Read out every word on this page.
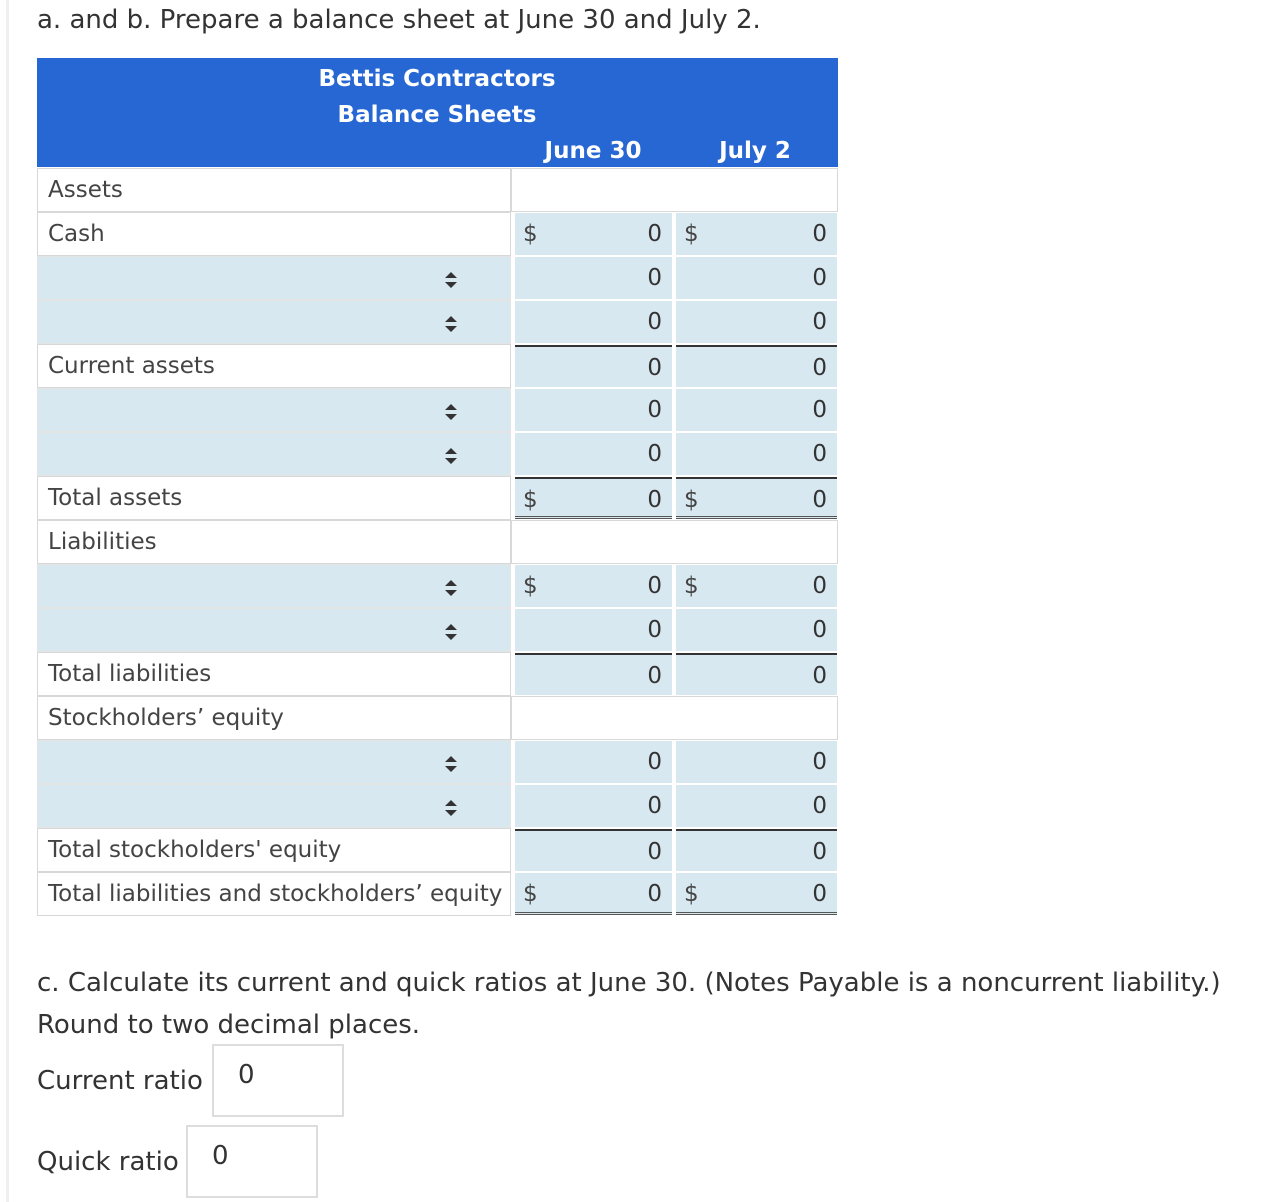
a. and b. Prepare a balance sheet at June 30 and July 2.
Bettis Contractors
Balance Sheets
June 30	July 2
Assets
Cash	$	0 $	0
0	0
0	0
Current assets	0	0
0	0
0	0
Total assets	$	0 $	0
Liabilities
$	0 $	0
0	0
Total liabilities	0	0
Stockholders’ equity
0	0
0	0
Total stockholders' equity	0	0
Total liabilities and stockholders’ equity $	0 $	0
c. Calculate its current and quick ratios at June 30. (Notes Payable is a noncurrent liability.) Round to two decimal places.
Current ratio 0
Quick ratio 0
